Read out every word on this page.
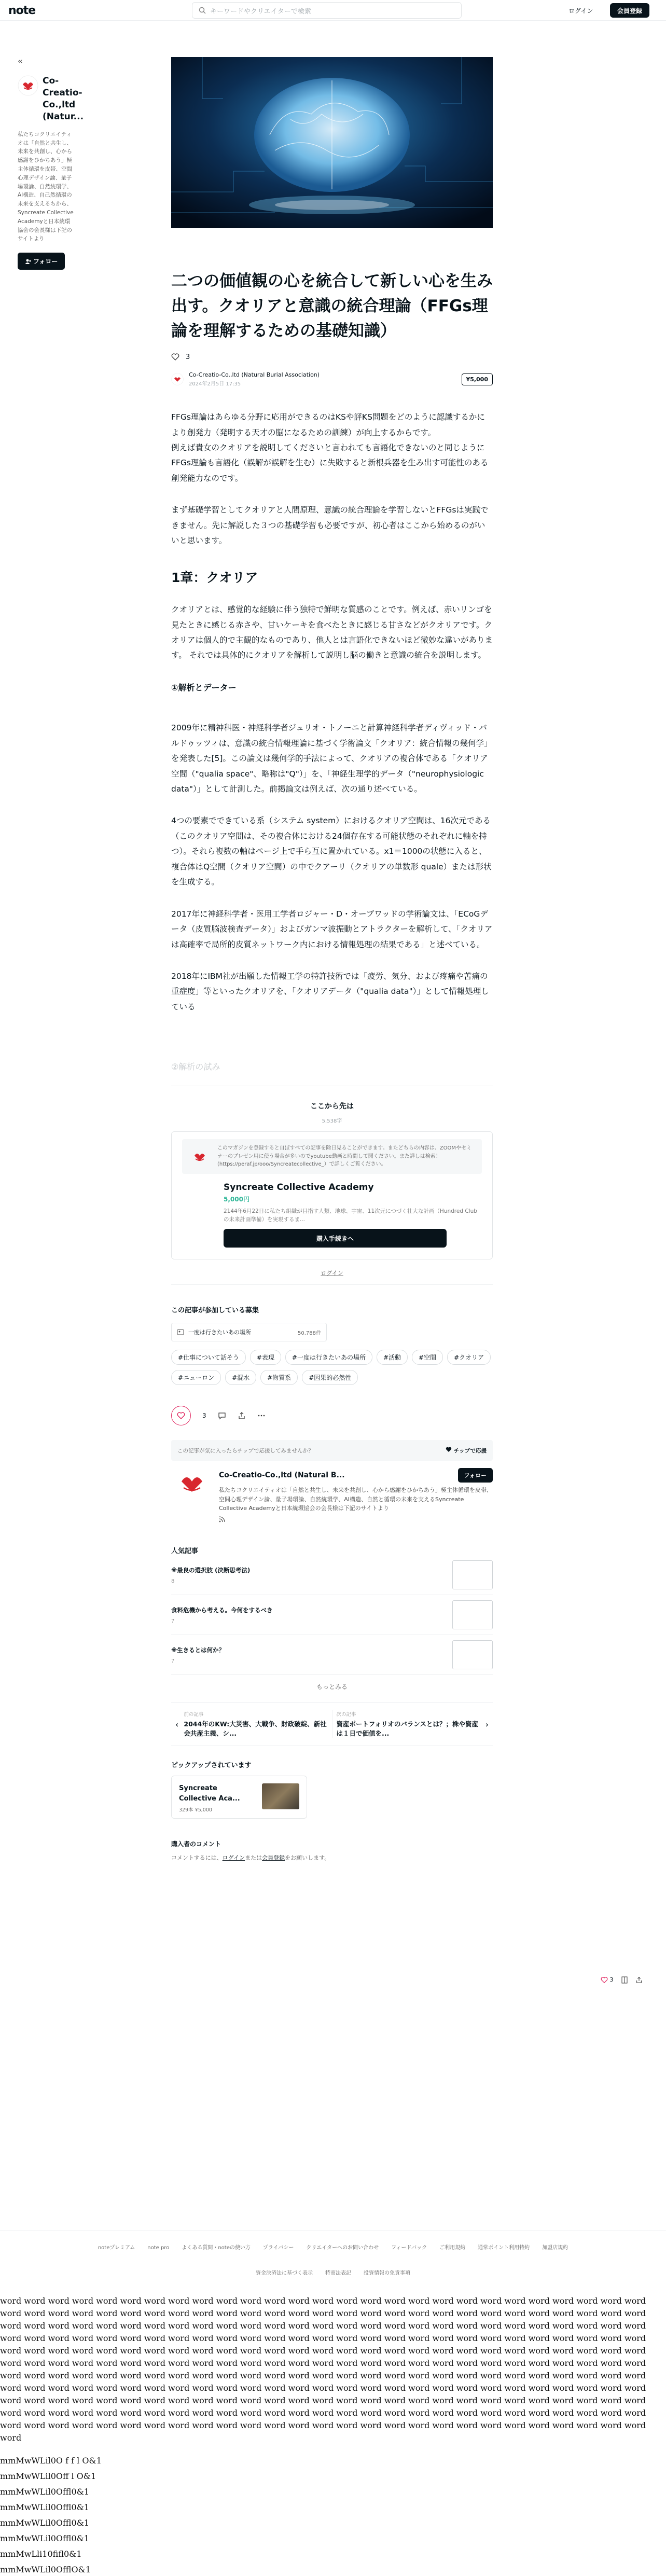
note	キーワードやクリエイターで検索	ログイン	会員登録
«
Co-Creatio-Co.,ltd (Natur...
私たちコクリエイティオは「自然と共生し、未来を共創し、心から感謝をひかちあう」極主体循環を皮帯、空間心理デザイン論、量子場環論、自然統環学、AI構造、自己然循環の未来を支えるちから、Syncreate Collective Academyと日本統環協会の会長様は下記のサイトより
フォロー
二つの価値観の心を統合して新しい心を生み出す。クオリアと意識の統合理論（FFGs理論を理解するための基礎知識）
3
Co-Creatio-Co.,ltd (Natural Burial Association)
2024年2月5日 17:35
¥5,000

FFGs理論はあらゆる分野に応用ができるのはKSや評KS問題をどのように認識するかにより創発力（発明する天才の脳になるための訓練）が向上するからです。
例えば貴女のクオリアを説明してくださいと言われても言語化できないのと同じようにFFGs理論も言語化（誤解が誤解を生む）に失敗すると新根兵器を生み出す可能性のある創発能力なのです。

まず基礎学習としてクオリアと人間原理、意識の統合理論を学習しないとFFGsは実践できません。先に解説した３つの基礎学習も必要ですが、初心者はここから始めるのがいいと思います。

1章：クオリア

クオリアとは、感覚的な経験に伴う独特で鮮明な質感のことです。例えば、赤いリンゴを見たときに感じる赤さや、甘いケーキを食べたときに感じる甘さなどがクオリアです。クオリアは個人的で主観的なものであり、他人とは言語化できないほど微妙な違いがあります。 それでは具体的にクオリアを解析して説明し脳の働きと意識の統合を説明します。

①解析とデーター

2009年に精神科医・神経科学者ジュリオ・トノーニと計算神経科学者ディヴィッド・バルドゥッツィは、意識の統合情報理論に基づく学術論文「クオリア：統合情報の幾何学」を発表した[5]。この論文は幾何学的手法によって、クオリアの複合体である「クオリア空間（"qualia space"、略称は"Q"）」を、「神経生理学的データ（"neurophysiologic data"）」として計測した。前掲論文は例えば、次の通り述べている。

4つの要素でできている系（システム system）におけるクオリア空間は、16次元である（このクオリア空間は、その複合体における24個存在する可能状態のそれぞれに軸を持つ）。それら複数の軸はページ上で手ら互に置かれている。x1＝1000の状態に入ると、複合体はQ空間（クオリア空間）の中でクアーリ（クオリアの単数形 quale）または形状を生成する。

2017年に神経科学者・医用工学者ロジャー・D・オーブワッドの学術論文は、「ECoGデータ（皮質脳波検査データ）」およびガンマ波振動とアトラクターを解析して、「クオリアは高確率で局所的皮質ネットワーク内における情報処理の結果である」と述べている。

2018年にIBM社が出願した情報工学の特許技術では「疲労、気分、および疼痛や苦痛の重症度」等といったクオリアを、「クオリアデータ（"qualia data"）」として情報処理している

②解析の試み
ここから先は
5,538字
このマガジンを登録すると自ぽすべての記事を除日見ることができます。またどちらの内容は、ZOOMやセミナーのプレゼン用に使う場合が多いのでyoutube動画と時間して聞ください。また詳しは検索！(https://peraf.jp/ooo/Syncreatecollective_）で詳しくご覧ください。
Syncreate Collective Academy
5,000円
2144年6月22日に私たち組織が目指す人類、地球、宇宙、11次元につづく壮大な計画（Hundred Club の未来計画準備）を実現するま...
購入手続きへ
ログイン
この記事が参加している募集
一度は行きたいあの場所	50,788件
#仕事について話そう	#表現	#一度は行きたいあの場所	#活動	#空間	#クオリア
#ニューロン	#混水	#物質系	#因果的必然性
3
この記事が気に入ったらチップで応援してみませんか？	チップで応援
Co-Creatio-Co.,ltd (Natural B...	フォロー
私たちコクリエイティオは「自然と共生し、未来を共創し、心から感謝をひかちあう」極主体循環を皮帯、空間心理デザイン論、量子場環論、自然統環学、AI構造、自然と循環の未来を支えるSyncreate Collective Academyと日本統環協会の会長様は下記のサイトより
人気記事
※最良の選択肢 (決断思考法)
8
食料危機から考える。今何をするべき
7
※生きるとは何か？
7
もっとみる
‹
前の記事
2044年のKW:大災害、大戦争、財政破綻、新社会共産主義、シ...
次の記事
資産ポートフォリオのバランスとは？；株や資産は１日で価値を...
›
ピックアップされています
Syncreate Collective Aca...
329本 ¥5,000
購入者のコメント
コメントするには、ログインまたは会員登録をお願いします。
3
noteプレミアム note pro よくある質問・noteの使い方 プライバシー クリエイターへのお問い合わせ フィードバック ご利用規約 通常ポイント利用特約 加盟店規約
資金決済法に基づく表示 特商法表記 投資情報の免責事項
word word word word word word word word word word word word word word word word word word word word word word word word word word word word word word word word word word word word word word word word word word word word word word word word word word word word word word word word word word word word word word word word word word word word word word word word word word word word word word word word word word word word word word word word word word word word word word word word word word word word word word word word word word word word word word word word word word word word word word word word word word word word word word word word word word word word word word word word word word word word word word word word word word word word word word word word word word word word word word word word word word word word word word word word word word word word word word word word word word word word word word word word word word word word word word word word word word word word word word word word word word word word word word word word word word word word word word word word word word word word word word word word word word word word word word word word word word word word word word word word word word word word word word word word word word word word word word word word word word word word word word word word word word word word word word word word word word word word word word word word word word word word word word word word word word word word word word word word word word
mmMwWLil0O f f l O&1
mmMwWLil0Off l O&1
mmMwWLil0Offl0&1
mmMwWLil0Offl0&1
mmMwWLil0Offl0&1
mmMwWLil0Offl0&1
mmMwLli10fifl0&1
mmMwWLil0OfflO&1
